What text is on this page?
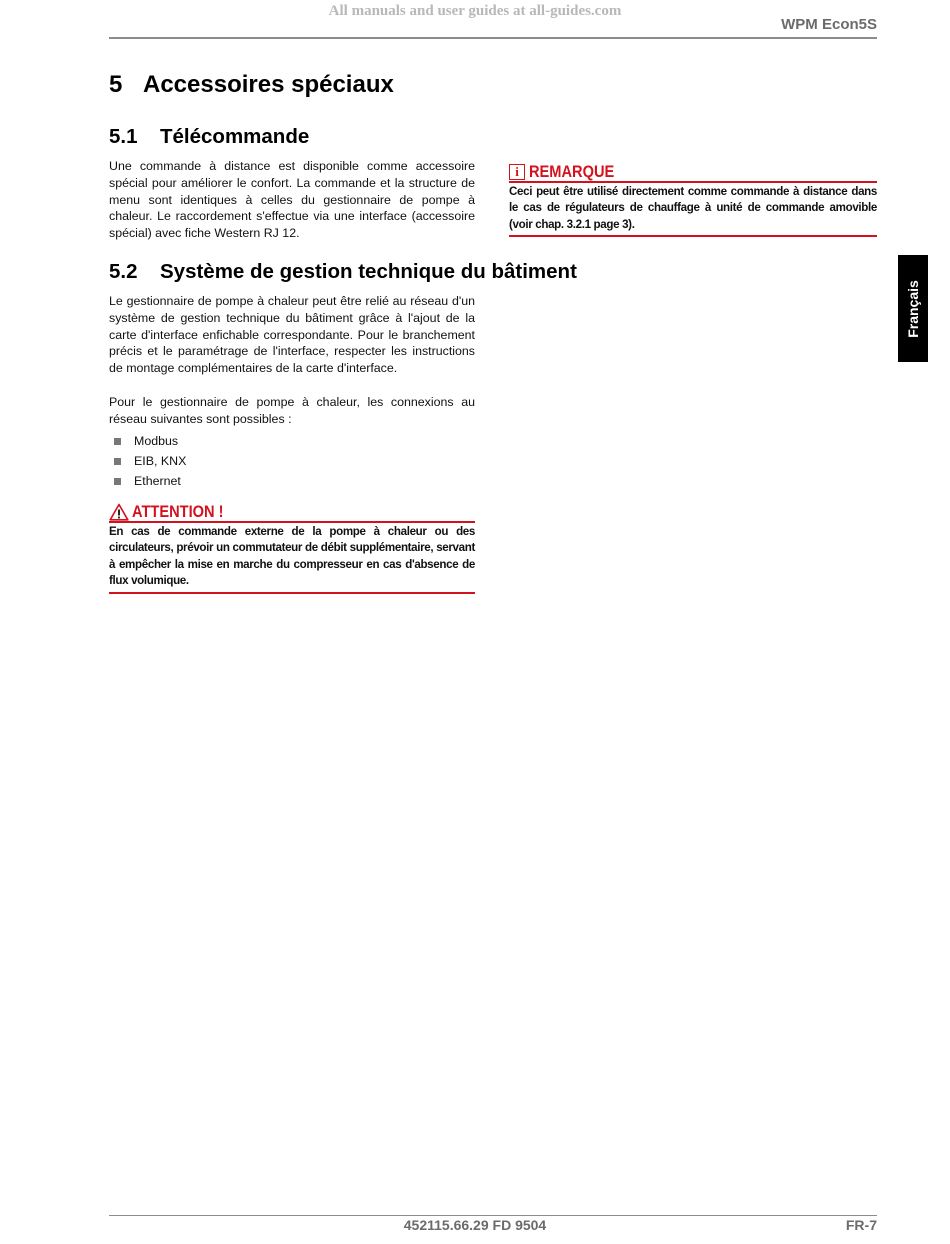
All manuals and user guides at all-guides.com
WPM Econ5S
5 Accessoires spéciaux
5.1 Télécommande

Une commande à distance est disponible comme accessoire spécial pour améliorer le confort. La commande et la structure de menu sont identiques à celles du gestionnaire de pompe à chaleur. Le raccordement s'effectue via une interface (accessoire spécial) avec fiche Western RJ 12.

i REMARQUE
Ceci peut être utilisé directement comme commande à distance dans le cas de régulateurs de chauffage à unité de commande amovible (voir chap. 3.2.1 page 3).
5.2 Système de gestion technique du bâtiment

Le gestionnaire de pompe à chaleur peut être relié au réseau d'un système de gestion technique du bâtiment grâce à l'ajout de la carte d'interface enfichable correspondante. Pour le branchement précis et le paramétrage de l'interface, respecter les instructions de montage complémentaires de la carte d'interface.

Pour le gestionnaire de pompe à chaleur, les connexions au réseau suivantes sont possibles :

Modbus
EIB, KNX
Ethernet
ATTENTION !
En cas de commande externe de la pompe à chaleur ou des circulateurs, prévoir un commutateur de débit supplémentaire, servant à empêcher la mise en marche du compresseur en cas d'absence de flux volumique.
Français
452115.66.29 FD 9504	FR-7
